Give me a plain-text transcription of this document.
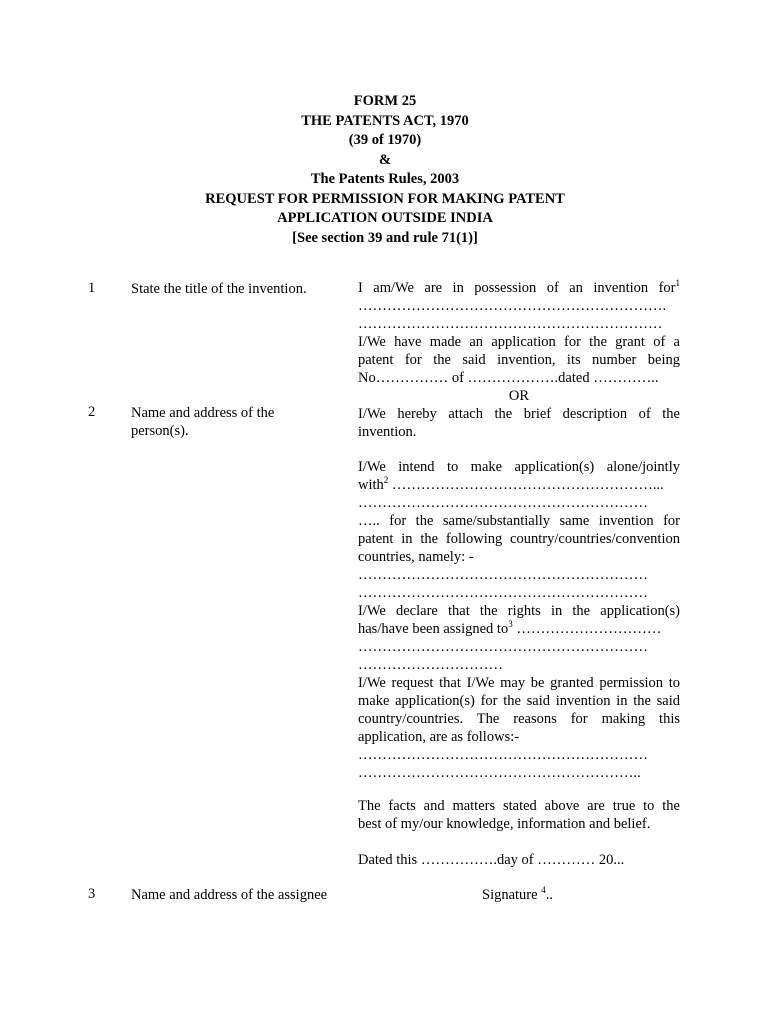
FORM 25
THE PATENTS ACT, 1970
(39 of 1970)
&
The Patents Rules, 2003
REQUEST FOR PERMISSION FOR MAKING PATENT
APPLICATION OUTSIDE INDIA
[See section 39 and rule 71(1)]
1 State the title of the invention.
2 Name and address of the
person(s).
3 Name and address of the assignee
I am/We are in possession of an invention for$^1$
……………………………………………………….
………………………………………………………
I/We have made an application for the grant of a
patent for the said invention, its number being
No…………… of ……………….dated …………..
OR
I/We hereby attach the brief description of the
invention.
I/We intend to make application(s) alone/jointly
with$^2$ ………………………………………………...
……………………………………………………
….. for the same/substantially same invention for
patent in the following country/countries/convention
countries, namely: -
……………………………………………………
……………………………………………………
I/We declare that the rights in the application(s)
has/have been assigned $to^3$ …………………………
……………………………………………………
…………………………
I/We request that I/We may be granted permission to
make application(s) for the said invention in the said
country/countries. The reasons for making this
application, are as follows:-
……………………………………………………
…………………………………………………..
The facts and matters stated above are true to the
best of my/our knowledge, information and belief.
Dated this …………….day of ………… 20...
Signature $^4$..
